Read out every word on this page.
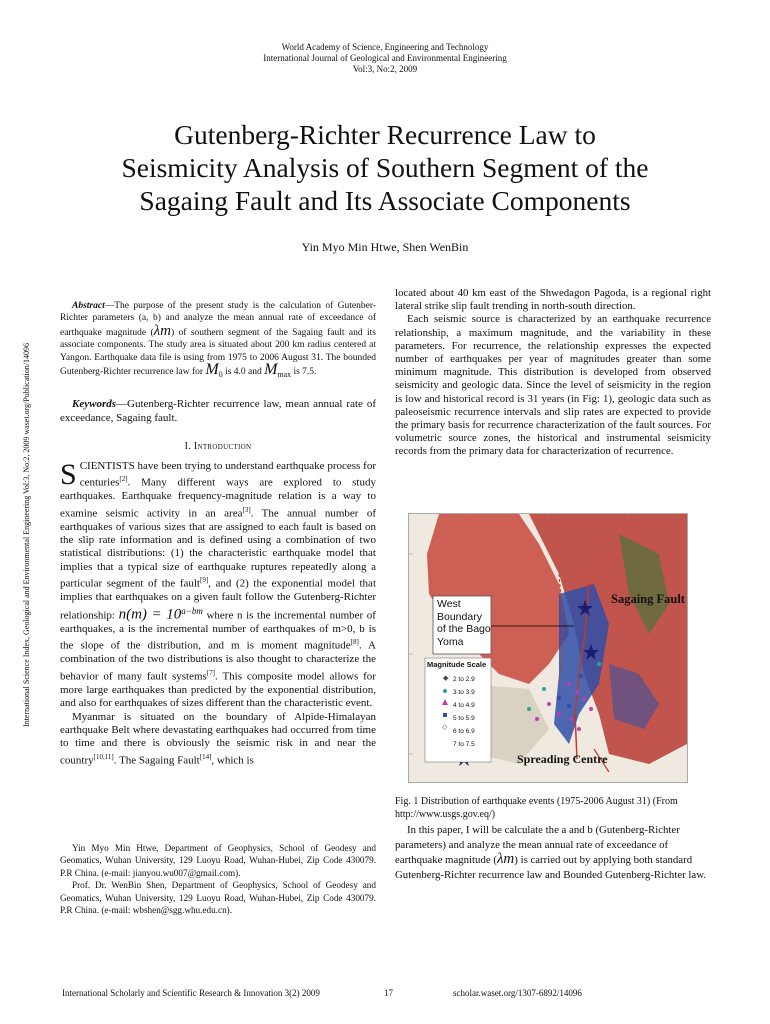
World Academy of Science, Engineering and Technology
International Journal of Geological and Environmental Engineering
Vol:3, No:2, 2009
International Science Index, Geological and Environmental Engineering Vol:3, No:2, 2009 waset.org/Publication/14096
Gutenberg-Richter Recurrence Law to
Seismicity Analysis of Southern Segment of the
Sagaing Fault and Its Associate Components
Yin Myo Min Htwe, Shen WenBin

Abstract—The purpose of the present study is the calculation of Gutenber-Richter parameters (a, b) and analyze the mean annual rate of exceedance of earthquake magnitude (λm) of southern segment of the Sagaing fault and its associate components. The study area is situated about 200 km radius centered at Yangon. Earthquake data file is using from 1975 to 2006 August 31. The bounded Gutenberg-Richter recurrence law for $M_0$ is 4.0 and $M_{max}$ is 7.5.

Keywords—Gutenberg-Richter recurrence law, mean annual rate of exceedance, Sagaing fault.

I. Introduction

SCIENTISTS have been trying to understand earthquake process for centuries[2]. Many different ways are explored to study earthquakes. Earthquake frequency-magnitude relation is a way to examine seismic activity in an area[3]. The annual number of earthquakes of various sizes that are assigned to each fault is based on the slip rate information and is defined using a combination of two statistical distributions: (1) the characteristic earthquake model that implies that a typical size of earthquake ruptures repeatedly along a particular segment of the fault[9], and (2) the exponential model that implies that earthquakes on a given fault follow the Gutenberg-Richter relationship: $n(m) = 10^{a-bm}$ where n is the incremental number of earthquakes, a is the incremental number of earthquakes of m>0, b is the slope of the distribution, and m is moment magnitude[8]. A combination of the two distributions is also thought to characterize the behavior of many fault systems[7]. This composite model allows for more large earthquakes than predicted by the exponential distribution, and also for earthquakes of sizes different than the characteristic event.

Myanmar is situated on the boundary of Alpide-Himalayan earthquake Belt where devastating earthquakes had occurred from time to time and there is obviously the seismic risk in and near the country[10,11]. The Sagaing Fault[14], which is

Yin Myo Min Htwe, Department of Geophysics, School of Geodesy and Geomatics, Wuhan University, 129 Luoyu Road, Wuhan-Hubei, Zip Code 430079. P.R China. (e-mail: jianyou.wu007@gmail.com).

Prof. Dr. WenBin Shen, Department of Geophysics, School of Geodesy and Geomatics, Wuhan University, 129 Luoyu Road, Wuhan-Hubei, Zip Code 430079. P.R China. (e-mail: wbshen@sgg.whu.edu.cn).

located about 40 km east of the Shwedagon Pagoda, is a regional right lateral strike slip fault trending in north-south direction.

Each seismic source is characterized by an earthquake recurrence relationship, a maximum magnitude, and the variability in these parameters. For recurrence, the relationship expresses the expected number of earthquakes per year of magnitudes greater than some minimum magnitude. This distribution is developed from observed seismicity and geologic data. Since the level of seismicity in the region is low and historical record is 31 years (in Fig: 1), geologic data such as paleoseismic recurrence intervals and slip rates are expected to provide the primary basis for recurrence characterization of the fault sources. For volumetric source zones, the historical and instrumental seismicity records from the primary data for characterization of recurrence.

◆
◇
Sagaing Fault
West
Boundary
of the Bago
Yoma
Magnitude Scale
2 to 2.9
3 to 3.9
4 to 4.9
5 to 5.9
6 to 6.9
7 to 7.5
Spreading Centre

Fig. 1 Distribution of earthquake events (1975-2006 August 31) (From http://www.usgs.gov.eq/)

In this paper, I will be calculate the a and b (Gutenberg-Richter parameters) and analyze the mean annual rate of exceedance of earthquake magnitude (λm) is carried out by applying both standard Gutenberg-Richter recurrence law and Bounded Gutenberg-Richter law.

International Scholarly and Scientific Research & Innovation 3(2) 2009	17	scholar.waset.org/1307-6892/14096
